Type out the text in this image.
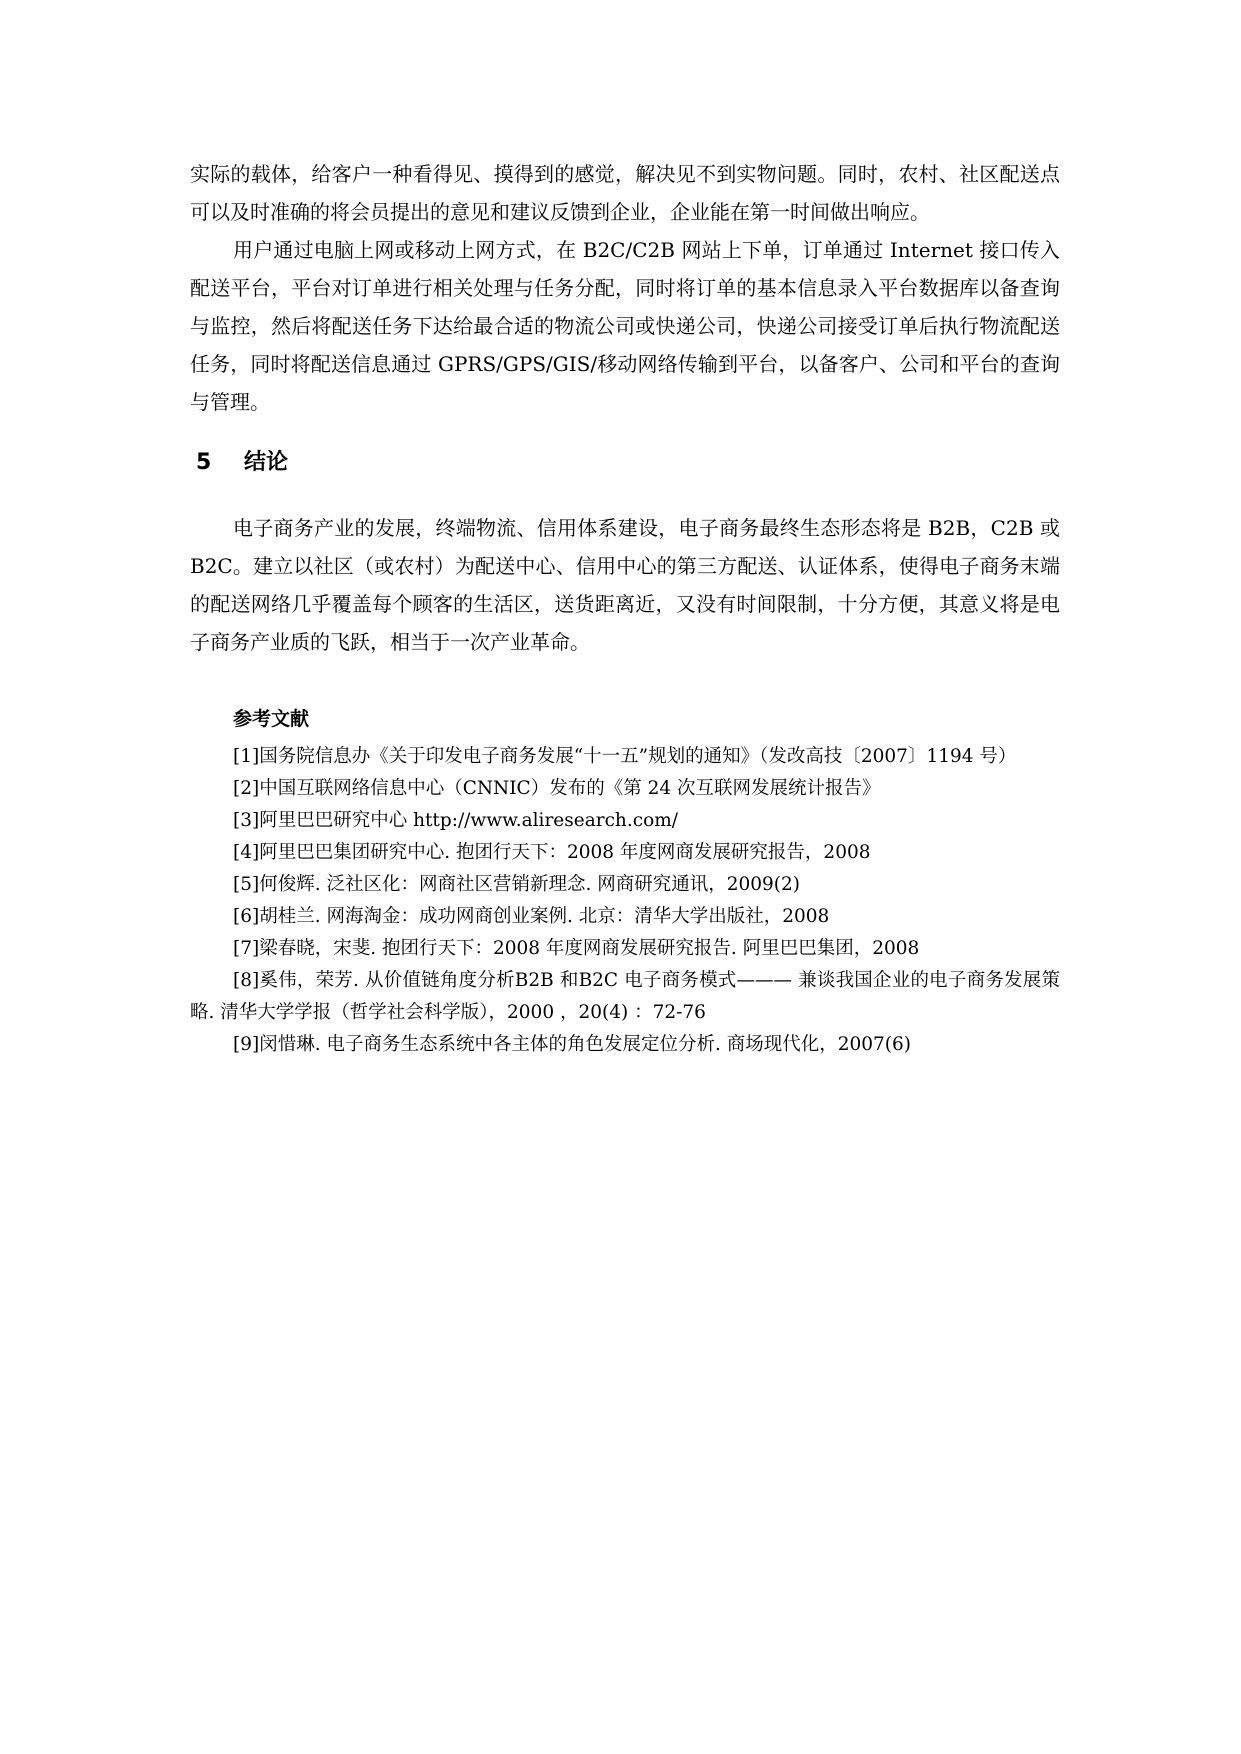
实际的载体，给客户一种看得见、摸得到的感觉，解决见不到实物问题。同时，农村、社区配送点可以及时准确的将会员提出的意见和建议反馈到企业，企业能在第一时间做出响应。

用户通过电脑上网或移动上网方式，在 B2C/C2B 网站上下单，订单通过 Internet 接口传入配送平台，平台对订单进行相关处理与任务分配，同时将订单的基本信息录入平台数据库以备查询与监控，然后将配送任务下达给最合适的物流公司或快递公司，快递公司接受订单后执行物流配送任务，同时将配送信息通过 GPRS/GPS/GIS/移动网络传输到平台，以备客户、公司和平台的查询与管理。

5	结论

电子商务产业的发展，终端物流、信用体系建设，电子商务最终生态形态将是 B2B，C2B 或 B2C。建立以社区（或农村）为配送中心、信用中心的第三方配送、认证体系，使得电子商务末端的配送网络几乎覆盖每个顾客的生活区，送货距离近，又没有时间限制，十分方便，其意义将是电子商务产业质的飞跃，相当于一次产业革命。

参考文献
[1]国务院信息办《关于印发电子商务发展“十一五”规划的通知》（发改高技〔2007〕1194 号）
[2]中国互联网络信息中心（CNNIC）发布的《第 24 次互联网发展统计报告》
[3]阿里巴巴研究中心 http://www.aliresearch.com/
[4]阿里巴巴集团研究中心. 抱团行天下：2008 年度网商发展研究报告，2008
[5]何俊辉. 泛社区化：网商社区营销新理念. 网商研究通讯，2009(2)
[6]胡桂兰. 网海淘金：成功网商创业案例. 北京：清华大学出版社，2008
[7]梁春晓，宋斐. 抱团行天下：2008 年度网商发展研究报告. 阿里巴巴集团，2008
[8]奚伟，荣芳. 从价值链角度分析B2B 和B2C 电子商务模式——— 兼谈我国企业的电子商务发展策略. 清华大学学报（哲学社会科学版），2000 ，20(4) ：72-76
[9]闵惜琳. 电子商务生态系统中各主体的角色发展定位分析. 商场现代化，2007(6)
